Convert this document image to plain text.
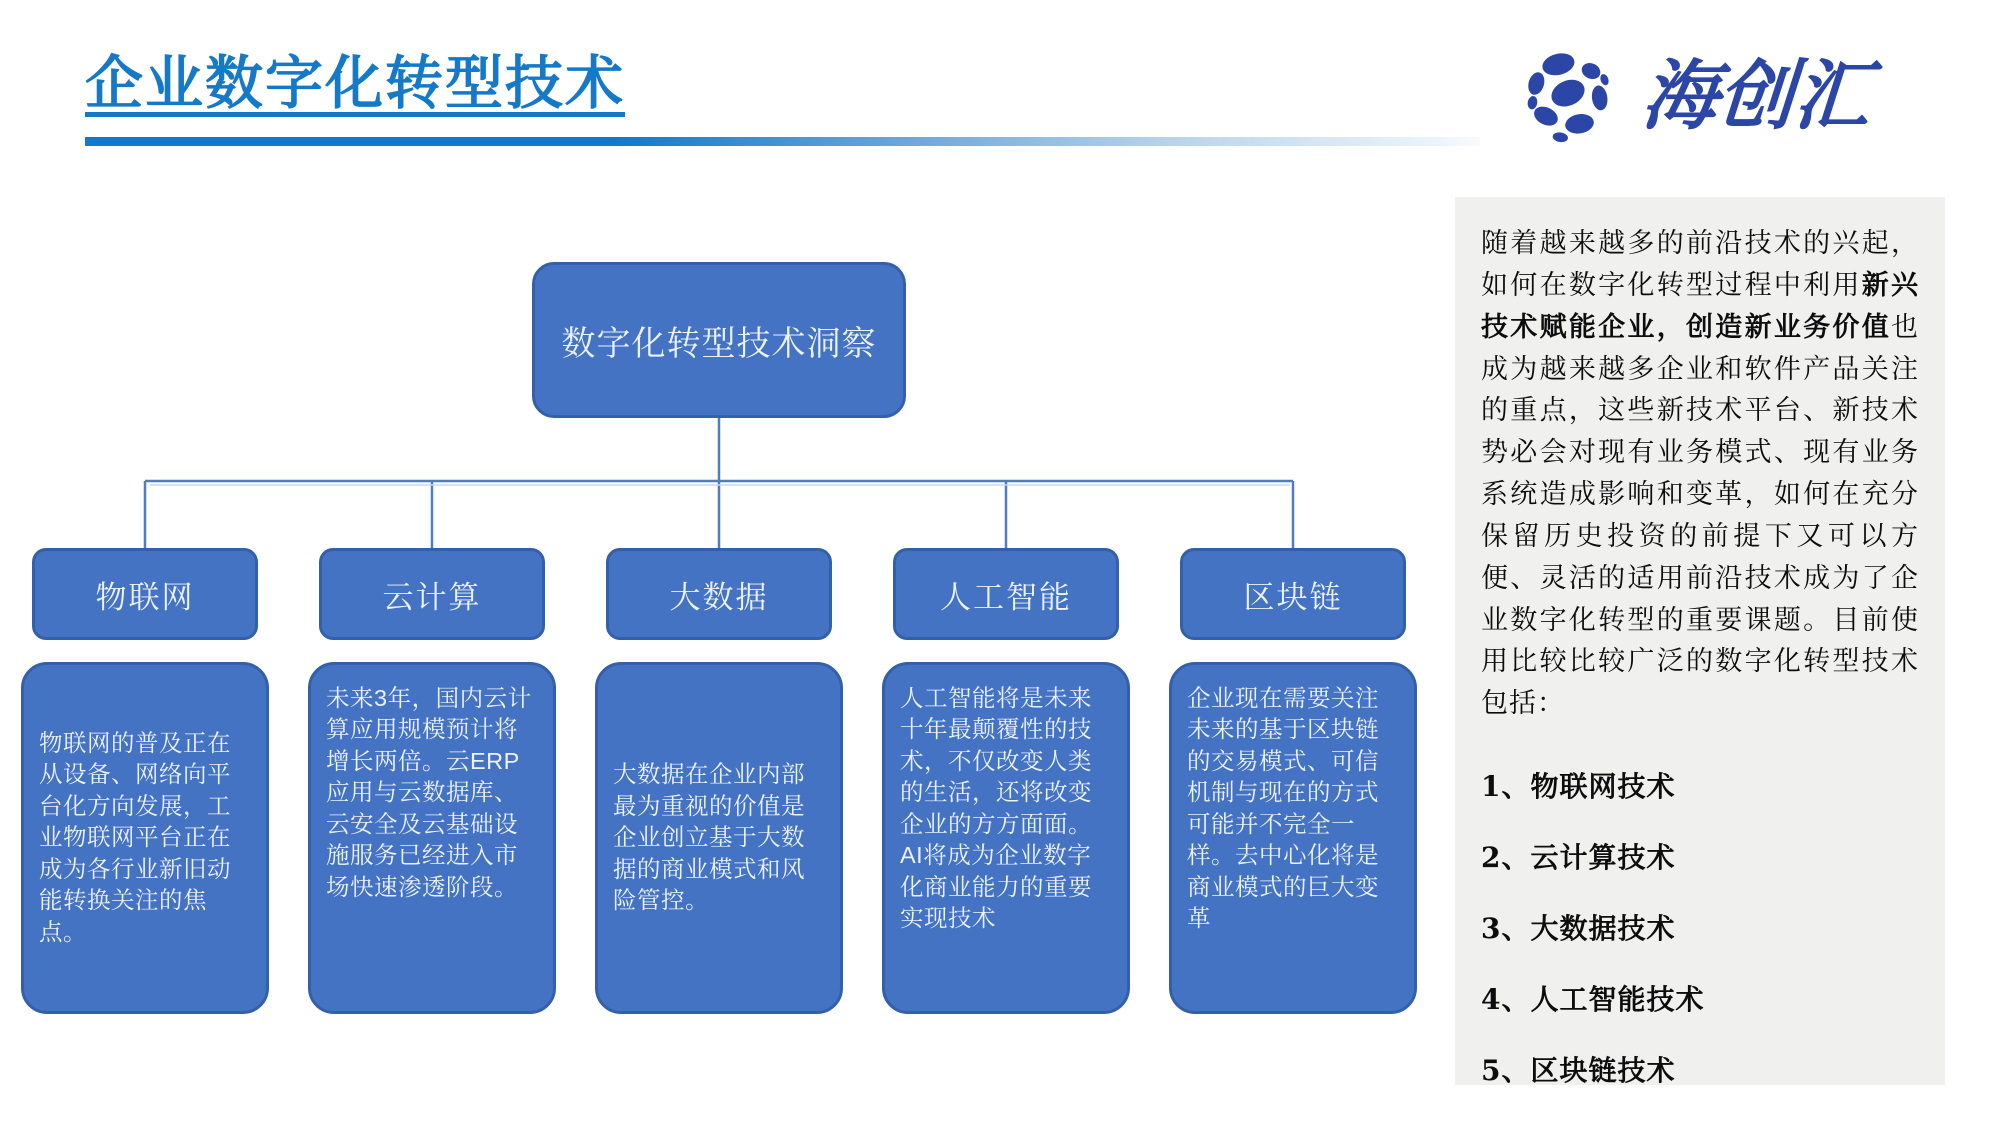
企业数字化转型技术	海创汇
数字化转型技术洞察
物联网
物联网的普及正在从设备、网络向平台化方向发展，工业物联网平台正在成为各行业新旧动能转换关注的焦点。
云计算
未来3年，国内云计算应用规模预计将增长两倍。云ERP应用与云数据库、云安全及云基础设施服务已经进入市场快速渗透阶段。
大数据
大数据在企业内部最为重视的价值是企业创立基于大数据的商业模式和风险管控。
人工智能
人工智能将是未来十年最颠覆性的技术，不仅改变人类的生活，还将改变企业的方方面面。AI将成为企业数字化商业能力的重要实现技术
区块链
企业现在需要关注未来的基于区块链的交易模式、可信机制与现在的方式可能并不完全一样。去中心化将是商业模式的巨大变革
随着越来越多的前沿技术的兴起，如何在数字化转型过程中利用新兴技术赋能企业，创造新业务价值也成为越来越多企业和软件产品关注的重点，这些新技术平台、新技术势必会对现有业务模式、现有业务系统造成影响和变革，如何在充分保留历史投资的前提下又可以方便、灵活的适用前沿技术成为了企业数字化转型的重要课题。目前使用比较比较广泛的数字化转型技术包括：
1、物联网技术
2、云计算技术
3、大数据技术
4、人工智能技术
5、区块链技术
